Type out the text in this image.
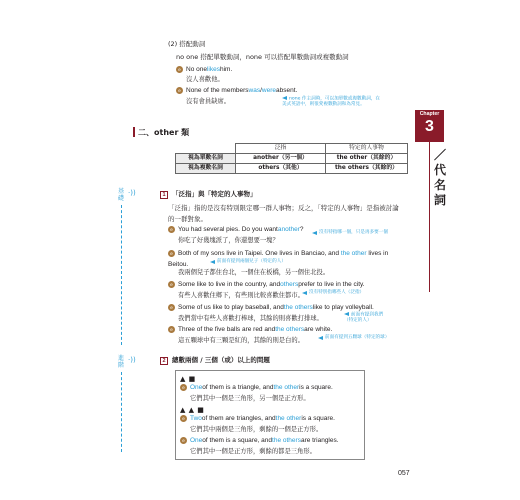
(2) 搭配動詞
no one 搭配單數動詞，none 可以搭配單數動詞或複數動詞
e No one likes him.
沒人喜歡他。
e None of the members was / were absent.
沒有會員缺席。	none 作主詞時，可以加單數或複數動詞，在美式英語中，則很愛複數動詞和為常見。
Chapter
3
／
代
名
詞
二、other 類
	泛指	特定的人事物
視為單數名詞	another（另一個）	the other（其餘的）
視為複數名詞	others（其他）	the others（其餘的）
基礎
·))	1 「泛指」與「特定的人事物」
「泛指」指的是沒有特別限定哪一群人事物；反之，「特定的人事物」是指被討論的一群對象。
e You had several pies. Do you want another ?
你吃了好幾塊派了，你還想要一塊？
沒有特指哪一個，只是再多要一個
e Both of my sons live in Taipei. One lives in Banciao, and the other lives in Beitou.
我兩個兒子都住台北，一個住在板橋，另一個住北投。
前面有提到兩個兒子（特定的人）
e Some like to live in the country, and others prefer to live in the city.
有些人喜歡住鄉下，有些則比較喜歡住都市。 沒有特別指哪些人（泛指）
e Some of us like to play baseball, and the others like to play volleyball.
我們當中有些人喜歡打棒球，其餘的則喜歡打排球。	前面有提到我們（特定的人）
e Three of the five balls are red and the others are white.
這五顆球中有三顆是紅的，其餘的則是白的。	前面有提到五顆球（特定的球）
進階
·))	2 總數兩個 / 三個（或）以上的問題
▲ ■
e One of them is a triangle, and the other is a square.
它們其中一個是三角形，另一個是正方形。
▲ ▲ ■
e Two of them are triangles, and the other is a square.
它們其中兩個是三角形，剩餘的一個是正方形。
e One of them is a square, and the others are triangles.
它們其中一個是正方形，剩餘的都是三角形。
057
